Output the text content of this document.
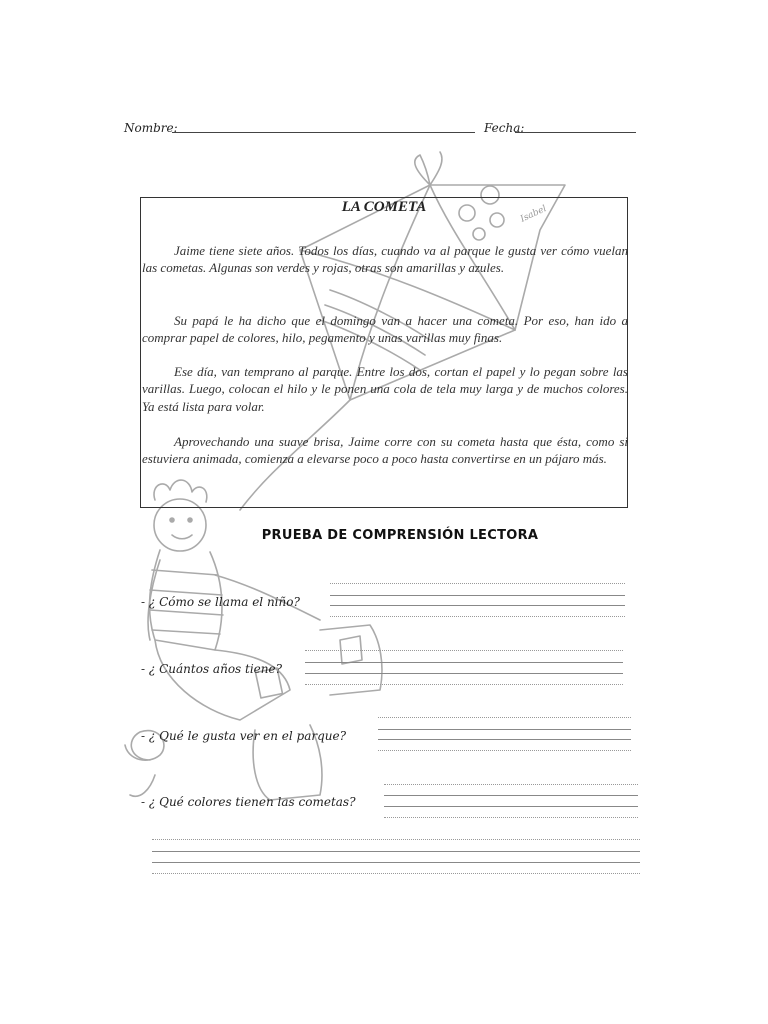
Isabel
Nombre:	Fecha:
LA COMETA

Jaime tiene siete años. Todos los días, cuando va al parque le gusta ver cómo vuelan las cometas. Algunas son verdes y rojas, otras son amarillas y azules.

Su papá le ha dicho que el domingo van a hacer una cometa. Por eso, han ido a comprar papel de colores, hilo, pegamento y unas varillas muy finas.

Ese día, van temprano al parque. Entre los dos, cortan el papel y lo pegan sobre las varillas. Luego, colocan el hilo y le ponen una cola de tela muy larga y de muchos colores. Ya está lista para volar.

Aprovechando una suave brisa, Jaime corre con su cometa hasta que ésta, como si estuviera animada, comienza a elevarse poco a poco hasta convertirse en un pájaro más.

PRUEBA DE COMPRENSIÓN LECTORA
- ¿ Cómo se llama el niño?
- ¿ Cuántos años tiene?
- ¿ Qué le gusta ver en el parque?
- ¿ Qué colores tienen las cometas?
